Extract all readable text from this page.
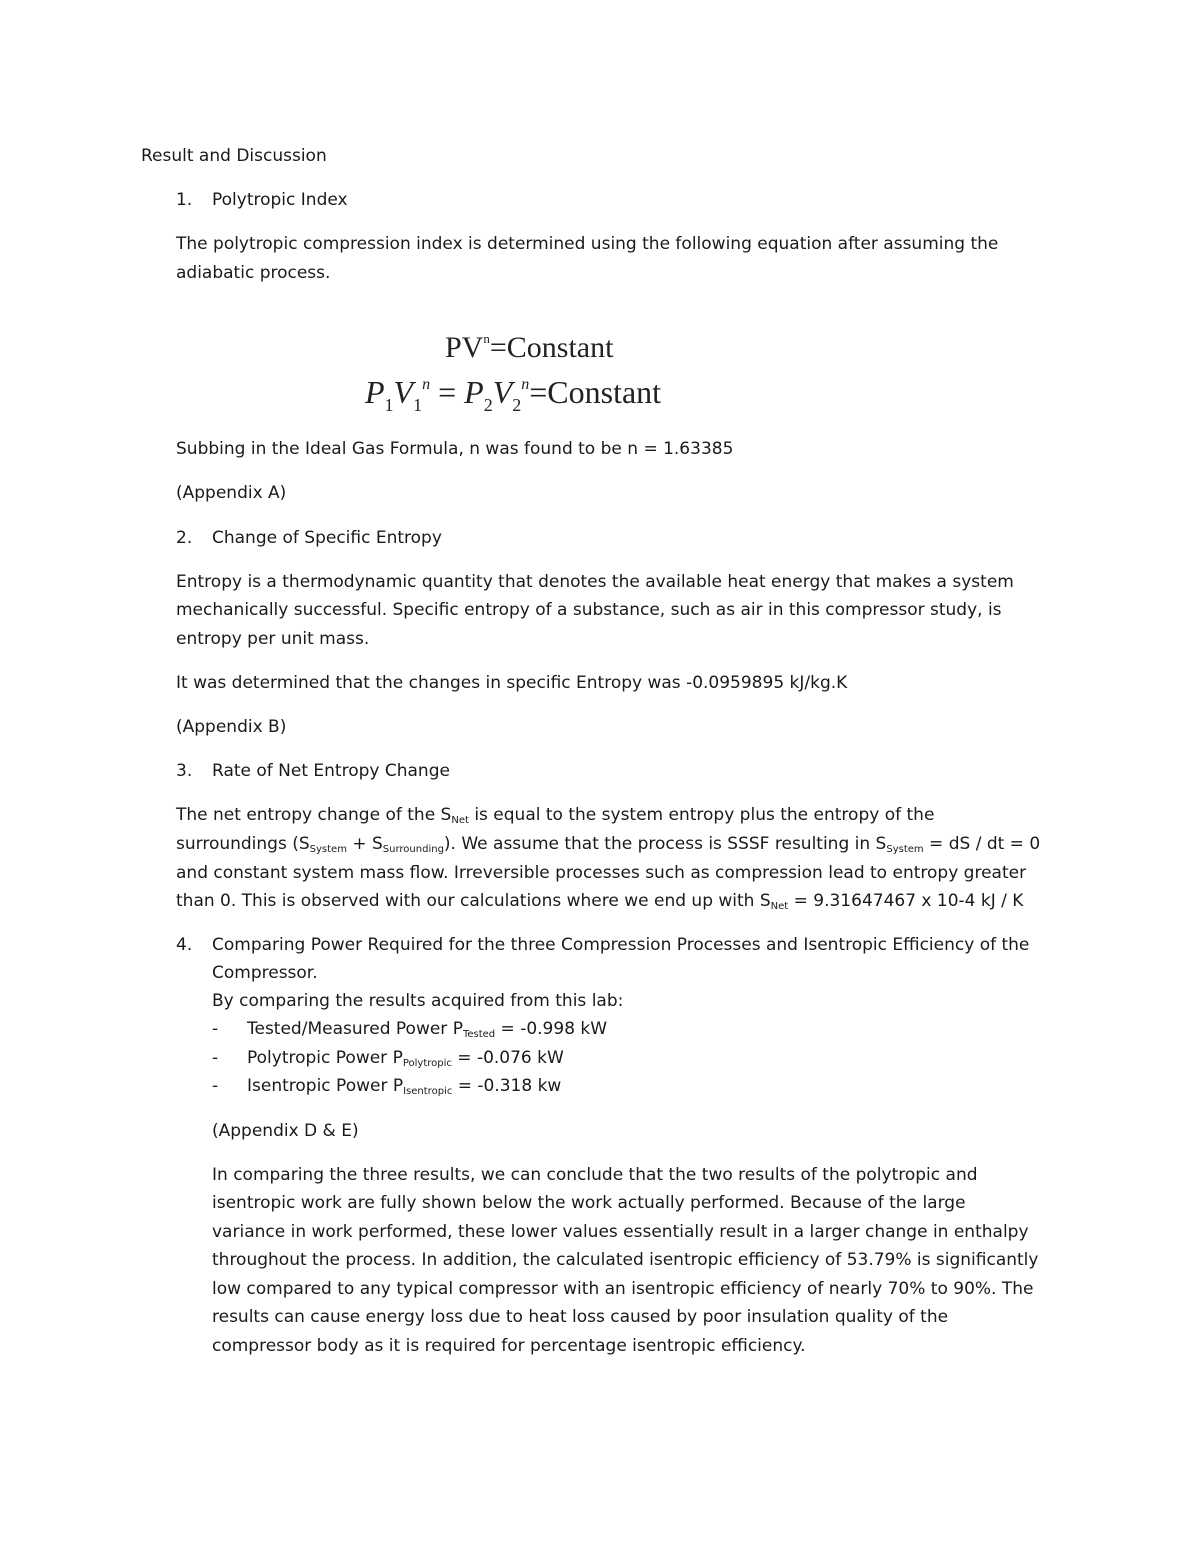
Result and Discussion
1. Polytropic Index
The polytropic compression index is determined using the following equation after assuming the
adiabatic process.
$PV^n=Constant$
$P_1V_1^n$ = $P_2V_2^n=Constant$
Subbing in the Ideal Gas Formula, n was found to be n = 1.63385
(Appendix A)
2. Change of Specific Entropy
Entropy is a thermodynamic quantity that denotes the available heat energy that makes a system
mechanically successful. Specific entropy of a substance, such as air in this compressor study, is
entropy per unit mass.
It was determined that the changes in specific Entropy was -0.0959895 kJ/kg.K
(Appendix B)
3. Rate of Net Entropy Change
The net entropy change of the $S_{Net}$ is equal to the system entropy plus the entropy of the
surroundings $(S_{System} + S_{Surrounding})$. We assume that the process is SSSF resulting in $S_{System}$ = dS / dt = 0
and constant system mass flow. Irreversible processes such as compression lead to entropy greater
than 0. This is observed with our calculations where we end up with $S_{Net} = 9.31647467$ x 10-4 kJ / K
4. Comparing Power Required for the three Compression Processes and Isentropic Efficiency of the
Compressor.
By comparing the results acquired from this lab:
- Tested/Measured Power $P_{Tested} = -0.998$ kW
- Polytropic Power $P_{Polytropic} = -0.076$ kW
- Isentropic Power $P_{Isentropic} = -0.318$ kw
(Appendix D & E)
In comparing the three results, we can conclude that the two results of the polytropic and
isentropic work are fully shown below the work actually performed. Because of the large
variance in work performed, these lower values essentially result in a larger change in enthalpy
throughout the process. In addition, the calculated isentropic efficiency of 53.79% is significantly
low compared to any typical compressor with an isentropic efficiency of nearly 70% to 90%. The
results can cause energy loss due to heat loss caused by poor insulation quality of the
compressor body as it is required for percentage isentropic efficiency.
